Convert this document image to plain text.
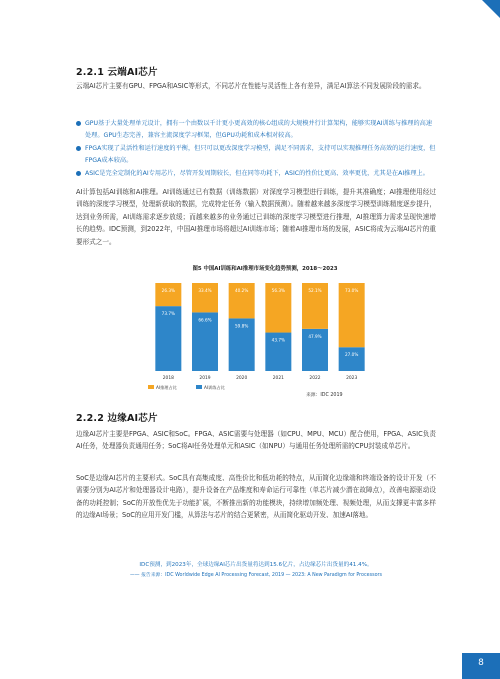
2.2.1 云端AI芯片
云端AI芯片主要有GPU、FPGA和ASIC等形式，不同芯片在性能与灵活性上各有差异，满足AI算法不同发展阶段的需求。
GPU基于大量处理单元设计，拥有一个由数以千计更小更高效的核心组成的大规模并行计算架构，能够实现AI训练与推理的高速处理。GPU生态完善，兼容主流深度学习框架，但GPU功耗和成本相对较高。
FPGA实现了灵活性和运行速度的平衡，但只可以更改深度学习模型，满足不同需求，支持可以实现推理任务高效的运行速度，但FPGA成本较高。
ASIC是完全定制化的AI专用芯片，尽管开发周期较长，但在同等功耗下，ASIC的性价比更高、效率更优，尤其是在AI推理上。
AI计算包括AI训练和AI推理。AI训练通过已有数据（训练数据）对深度学习模型进行训练，提升其准确度；AI推理使用经过训练的深度学习模型，处理新获取的数据，完成特定任务（输入数据预测）。随着越来越多深度学习模型训练精度逐步提升，达到业务所需，AI训练需求逐步放缓；而越来越多的业务通过已训练的深度学习模型进行推理，AI推理算力需求呈现快速增长的趋势。IDC预测，到2022年，中国AI推理市场将超过AI训练市场；随着AI推理市场的发展，ASIC将成为云端AI芯片的重要形式之一。
图5 中国AI训练和AI推理市场变化趋势预测，2018～2023
73.7%
26.3%
2018
66.6%
33.4%
2019
59.8%
40.2%
2020
43.7%
56.3%
2021
47.9%
52.1%
2022
27.0%
73.0%
2023
AI推理占比	AI训练占比
来源：IDC 2019
2.2.2 边缘AI芯片
边缘AI芯片主要是FPGA、ASIC和SoC。FPGA、ASIC需要与处理器（如CPU、MPU、MCU）配合使用，FPGA、ASIC负责AI任务，处理器负责通用任务；SoC将AI任务处理单元和ASIC（如NPU）与通用任务处理所需的CPU封装成单芯片。
SoC是边缘AI芯片的主要形式。SoC具有高集成度、高性价比和低功耗的特点，从而简化边缘端和终端设备的设计开发（不需要分别为AI芯片和处理器设计电路），提升设备在产品维度和寿命运行可靠性（单芯片减少潜在故障点），改善电源驱动设备的功耗控制；SoC的开放性优先于功能扩展，不断推出新的功能模块，持续增加频处理、视频处理，从而支撑更丰富多样的边缘AI场景；SoC的应用开发门槛，从算法与芯片的结合更紧密，从而简化驱动开发、加速AI落地。
IDC预测，到2023年，全球边缘AI芯片出货量将达到15.6亿片，占边缘芯片出货量的41.4%。
—— 报告来源：IDC Worldwide Edge AI Processing Forecast, 2019 — 2023: A New Paradigm for Processors
8
